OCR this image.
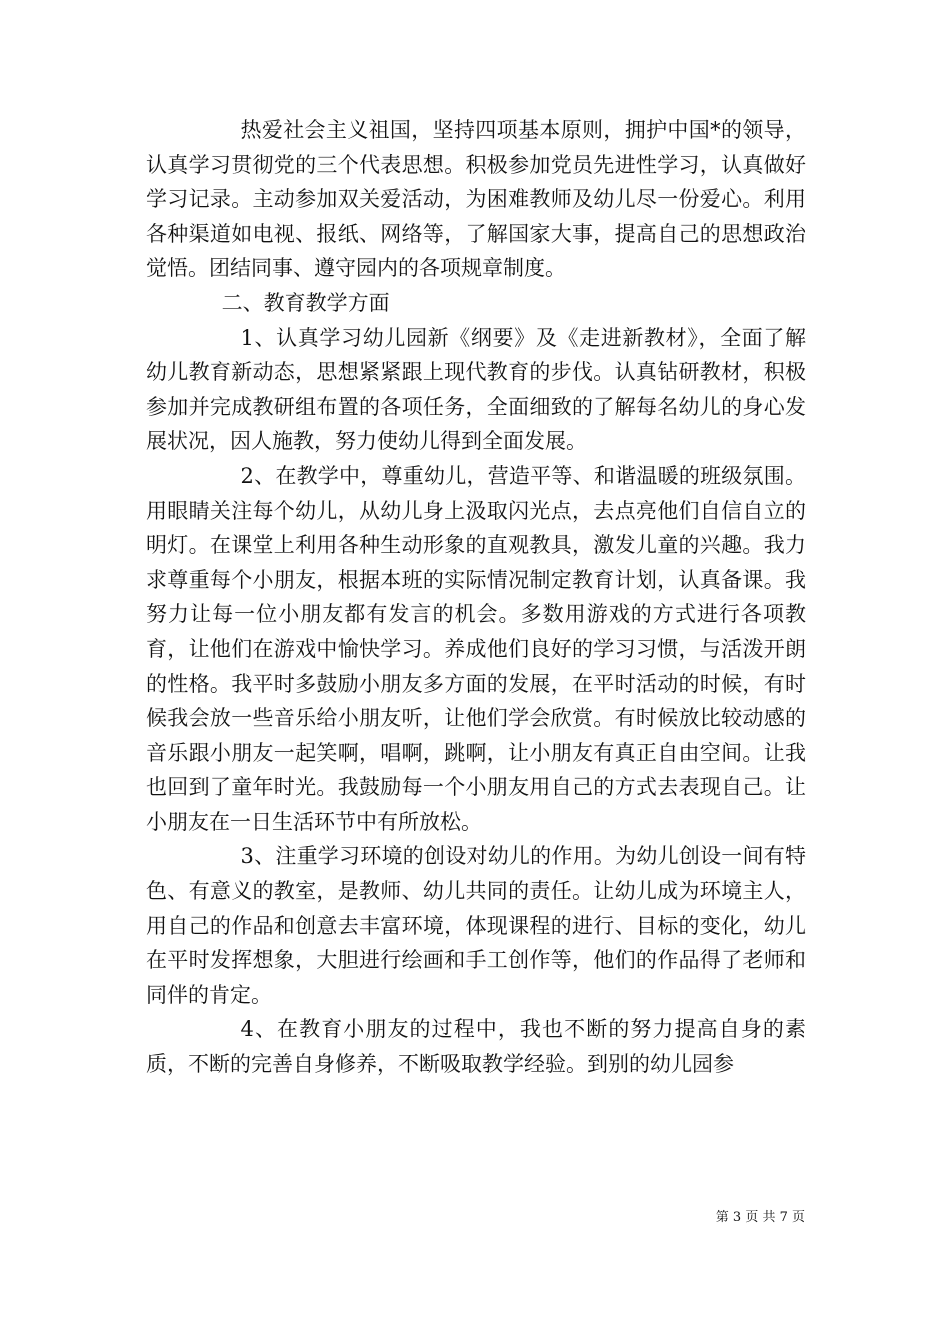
热爱社会主义祖国，坚持四项基本原则，拥护中国*的领导，认真学习贯彻党的三个代表思想。积极参加党员先进性学习，认真做好学习记录。主动参加双关爱活动，为困难教师及幼儿尽一份爱心。利用各种渠道如电视、报纸、网络等，了解国家大事，提高自己的思想政治觉悟。团结同事、遵守园内的各项规章制度。

二、教育教学方面

1、认真学习幼儿园新《纲要》及《走进新教材》，全面了解幼儿教育新动态，思想紧紧跟上现代教育的步伐。认真钻研教材，积极参加并完成教研组布置的各项任务，全面细致的了解每名幼儿的身心发展状况，因人施教，努力使幼儿得到全面发展。

2、在教学中，尊重幼儿，营造平等、和谐温暖的班级氛围。用眼睛关注每个幼儿，从幼儿身上汲取闪光点，去点亮他们自信自立的明灯。在课堂上利用各种生动形象的直观教具，激发儿童的兴趣。我力求尊重每个小朋友，根据本班的实际情况制定教育计划，认真备课。我努力让每一位小朋友都有发言的机会。多数用游戏的方式进行各项教育，让他们在游戏中愉快学习。养成他们良好的学习习惯，与活泼开朗的性格。我平时多鼓励小朋友多方面的发展，在平时活动的时候，有时候我会放一些音乐给小朋友听，让他们学会欣赏。有时候放比较动感的音乐跟小朋友一起笑啊，唱啊，跳啊，让小朋友有真正自由空间。让我也回到了童年时光。我鼓励每一个小朋友用自己的方式去表现自己。让小朋友在一日生活环节中有所放松。

3、注重学习环境的创设对幼儿的作用。为幼儿创设一间有特色、有意义的教室，是教师、幼儿共同的责任。让幼儿成为环境主人，用自己的作品和创意去丰富环境，体现课程的进行、目标的变化，幼儿在平时发挥想象，大胆进行绘画和手工创作等，他们的作品得了老师和同伴的肯定。

4、在教育小朋友的过程中，我也不断的努力提高自身的素质，不断的完善自身修养，不断吸取教学经验。到别的幼儿园参

第 3 页 共 7 页
